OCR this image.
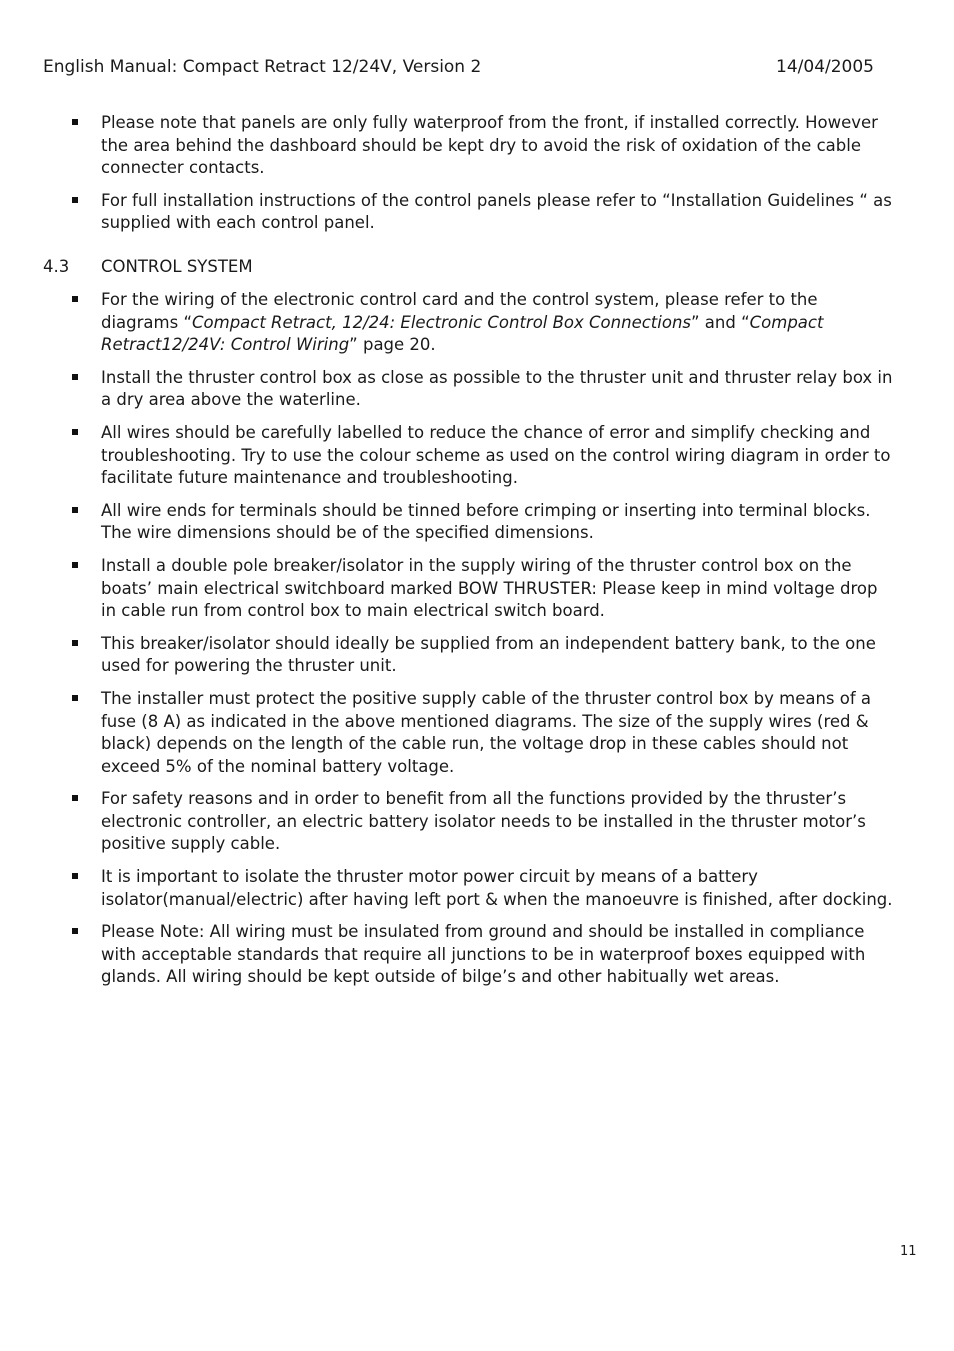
English Manual: Compact Retract 12/24V, Version 2	14/04/2005
Please note that panels are only fully waterproof from the front, if installed correctly. However the area behind the dashboard should be kept dry to avoid the risk of oxidation of the cable connecter contacts.
For full installation instructions of the control panels please refer to “Installation Guidelines “ as supplied with each control panel.
4.3 CONTROL SYSTEM
For the wiring of the electronic control card and the control system, please refer to the diagrams “Compact Retract, 12/24: Electronic Control Box Connections” and “Compact Retract12/24V: Control Wiring” page 20.
Install the thruster control box as close as possible to the thruster unit and thruster relay box in a dry area above the waterline.
All wires should be carefully labelled to reduce the chance of error and simplify checking and troubleshooting. Try to use the colour scheme as used on the control wiring diagram in order to facilitate future maintenance and troubleshooting.
All wire ends for terminals should be tinned before crimping or inserting into terminal blocks. The wire dimensions should be of the specified dimensions.
Install a double pole breaker/isolator in the supply wiring of the thruster control box on the boats’ main electrical switchboard marked BOW THRUSTER: Please keep in mind voltage drop in cable run from control box to main electrical switch board.
This breaker/isolator should ideally be supplied from an independent battery bank, to the one used for powering the thruster unit.
The installer must protect the positive supply cable of the thruster control box by means of a fuse (8 A) as indicated in the above mentioned diagrams. The size of the supply wires (red & black) depends on the length of the cable run, the voltage drop in these cables should not exceed 5% of the nominal battery voltage.
For safety reasons and in order to benefit from all the functions provided by the thruster’s electronic controller, an electric battery isolator needs to be installed in the thruster motor’s positive supply cable.
It is important to isolate the thruster motor power circuit by means of a battery isolator(manual/electric) after having left port & when the manoeuvre is finished, after docking.
Please Note: All wiring must be insulated from ground and should be installed in compliance with acceptable standards that require all junctions to be in waterproof boxes equipped with glands. All wiring should be kept outside of bilge’s and other habitually wet areas.
11
